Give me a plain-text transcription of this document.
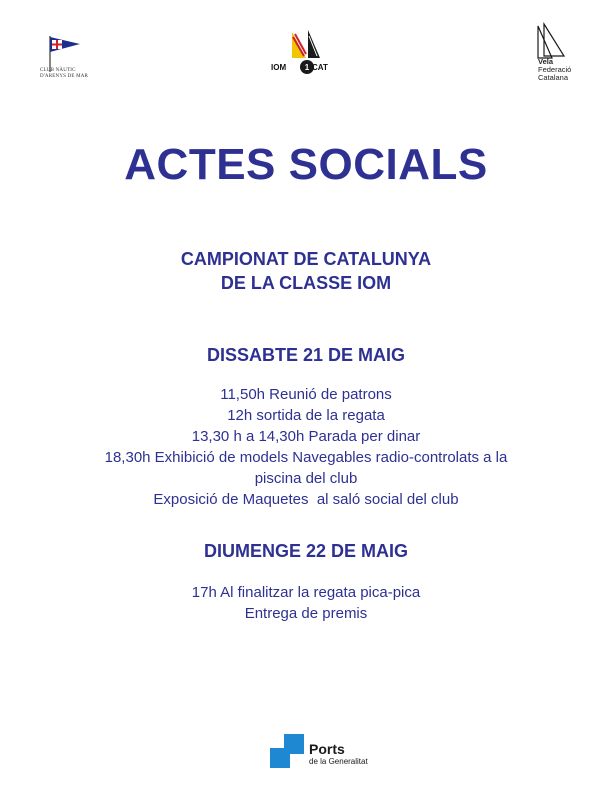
CLUB NÀUTIC
D'ARENYS DE MAR
1
IOM	CAT
Vela
Federació
Catalana
ACTES SOCIALS
CAMPIONAT DE CATALUNYA
DE LA CLASSE IOM
DISSABTE 21 DE MAIG
11,50h Reunió de patrons
12h sortida de la regata
13,30 h a 14,30h Parada per dinar
18,30h Exhibició de models Navegables radio-controlats a la
piscina del club
Exposició de Maquetes  al saló social del club
DIUMENGE 22 DE MAIG
17h Al finalitzar la regata pica-pica
Entrega de premis
Ports
de la Generalitat
